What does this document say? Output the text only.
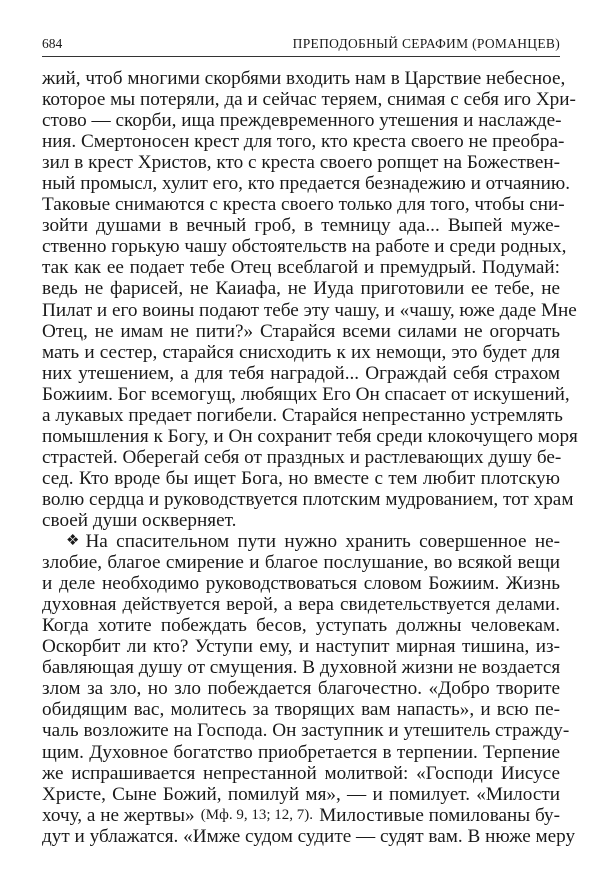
684	ПРЕПОДОБНЫЙ СЕРАФИМ (РОМАНЦЕВ)
жий, чтоб многими скорбями входить нам в Царствие небесное,
которое мы потеряли, да и сейчас теряем, снимая с себя иго Хри-
стово — скорби, ища преждевременного утешения и наслажде-
ния. Смертоносен крест для того, кто креста своего не преобра-
зил в крест Христов, кто с креста своего ропщет на Божествен-
ный промысл, хулит его, кто предается безнадежию и отчаянию.
Таковые снимаются с креста своего только для того, чтобы сни-
зойти душами в вечный гроб, в темницу ада... Выпей муже-
ственно горькую чашу обстоятельств на работе и среди родных,
так как ее подает тебе Отец всеблагой и премудрый. Подумай:
ведь не фарисей, не Каиафа, не Иуда приготовили ее тебе, не
Пилат и его воины подают тебе эту чашу, и «чашу, юже даде Мне
Отец, не имам не пити?» Старайся всеми силами не огорчать
мать и сестер, старайся снисходить к их немощи, это будет для
них утешением, а для тебя наградой... Ограждай себя страхом
Божиим. Бог всемогущ, любящих Его Он спасает от искушений,
а лукавых предает погибели. Старайся непрестанно устремлять
помышления к Богу, и Он сохранит тебя среди клокочущего моря
страстей. Оберегай себя от праздных и растлевающих душу бе-
сед. Кто вроде бы ищет Бога, но вместе с тем любит плотскую
волю сердца и руководствуется плотским мудрованием, тот храм
своей души оскверняет.
❖ На спасительном пути нужно хранить совершенное не-
злобие, благое смирение и благое послушание, во всякой вещи
и деле необходимо руководствоваться словом Божиим. Жизнь
духовная действуется верой, а вера свидетельствуется делами.
Когда хотите побеждать бесов, уступать должны человекам.
Оскорбит ли кто? Уступи ему, и наступит мирная тишина, из-
бавляющая душу от смущения. В духовной жизни не воздается
злом за зло, но зло побеждается благочестно. «Добро творите
обидящим вас, молитесь за творящих вам напасть», и всю пе-
чаль возложите на Господа. Он заступник и утешитель стражду-
щим. Духовное богатство приобретается в терпении. Терпение
же испрашивается непрестанной молитвой: «Господи Иисусе
Христе, Сыне Божий, помилуй мя», — и помилует. «Милости
хочу, а не жертвы» (Мф. 9, 13; 12, 7). Милостивые помилованы бу-
дут и ублажатся. «Имже судом судите — судят вам. В нюже меру
